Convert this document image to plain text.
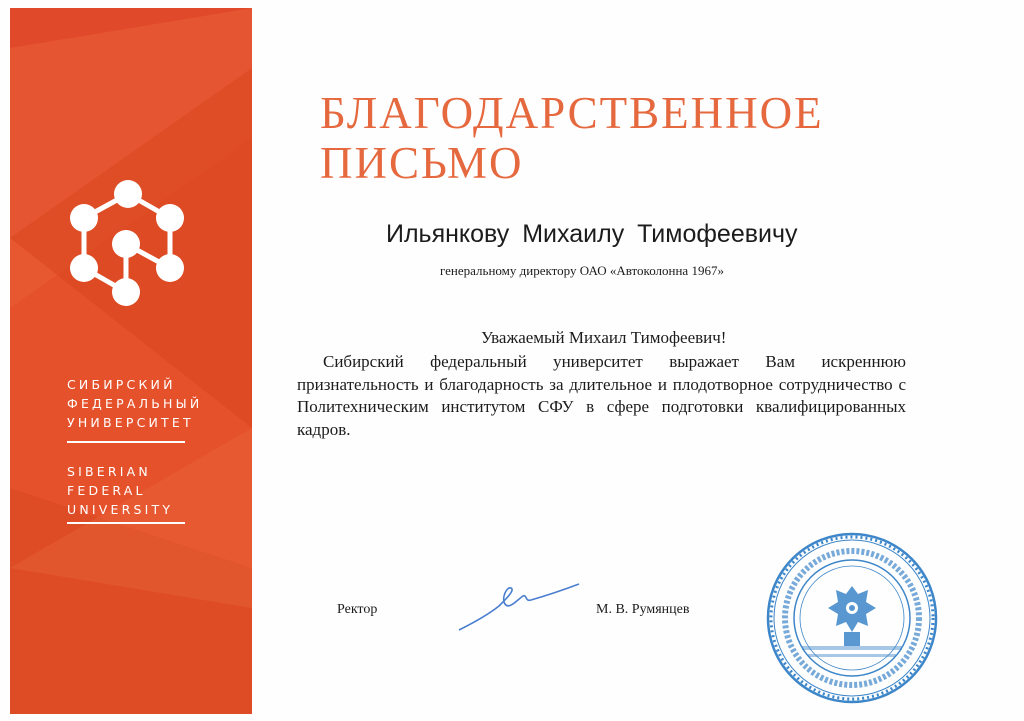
СИБИРСКИЙ
ФЕДЕРАЛЬНЫЙ
УНИВЕРСИТЕТ
SIBERIAN
FEDERAL
UNIVERSITY
БЛАГОДАРСТВЕННОЕ
ПИСЬМО
Ильянкову Михаилу Тимофеевичу
генеральному директору ОАО «Автоколонна 1967»
Уважаемый Михаил Тимофеевич!
Сибирский федеральный университет выражает Вам искреннюю признательность и благодарность за длительное и плодотворное сотрудничество с Политехническим институтом СФУ в сфере подготовки квалифицированных кадров.
Ректор	М. В. Румянцев
